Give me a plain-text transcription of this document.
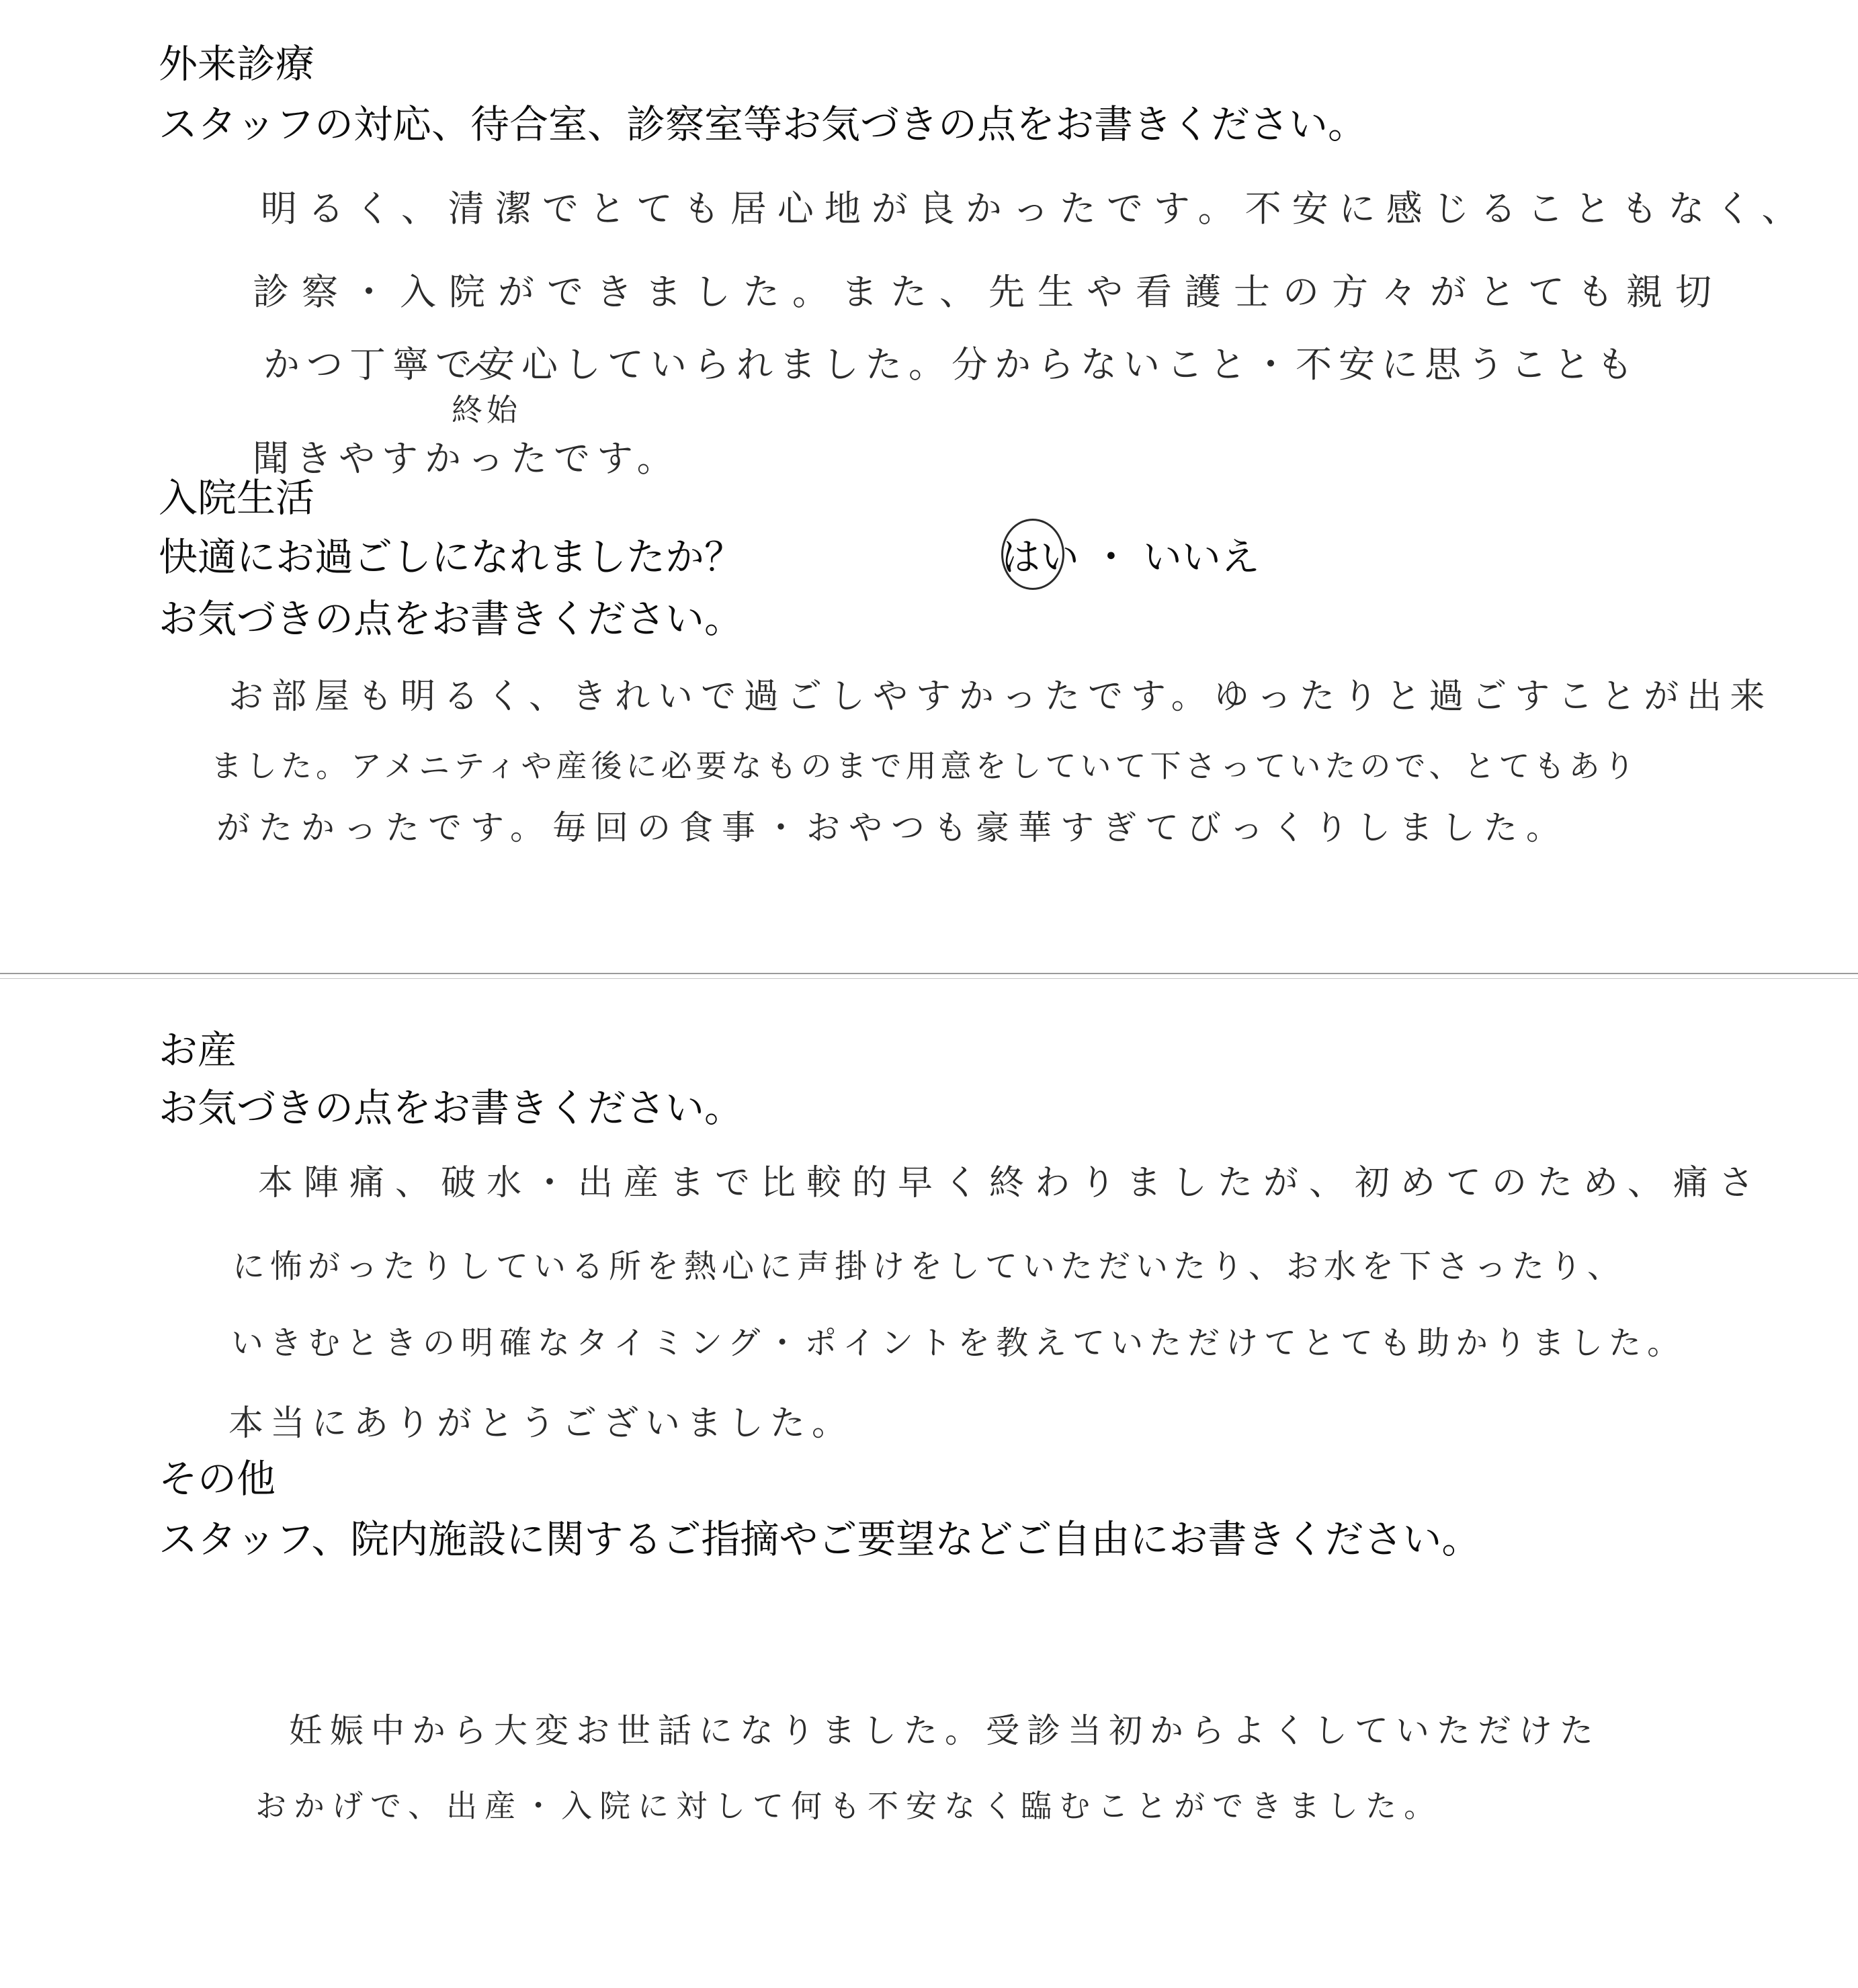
外来診療
スタッフの対応、待合室、診察室等お気づきの点をお書きください。
明るく、清潔でとても居心地が良かったです。不安に感じることもなく、
診察・入院ができました。また、先生や看護士の方々がとても親切
かつ丁寧で安心していられました。分からないこと・不安に思うことも
終始
聞きやすかったです。
入院生活
快適にお過ごしになれましたか？	はい ・ いいえ
お気づきの点をお書きください。
お部屋も明るく、きれいで過ごしやすかったです。ゆったりと過ごすことが出来
ました。アメニティや産後に必要なものまで用意をしていて下さっていたので、とてもあり
がたかったです。毎回の食事・おやつも豪華すぎてびっくりしました。
お産
お気づきの点をお書きください。
本陣痛、破水・出産まで比較的早く終わりましたが、初めてのため、痛さ
に怖がったりしている所を熱心に声掛けをしていただいたり、お水を下さったり、
いきむときの明確なタイミング・ポイントを教えていただけてとても助かりました。
本当にありがとうございました。
その他
スタッフ、院内施設に関するご指摘やご要望などご自由にお書きください。
妊娠中から大変お世話になりました。受診当初からよくしていただけた
おかげで、出産・入院に対して何も不安なく臨むことができました。
